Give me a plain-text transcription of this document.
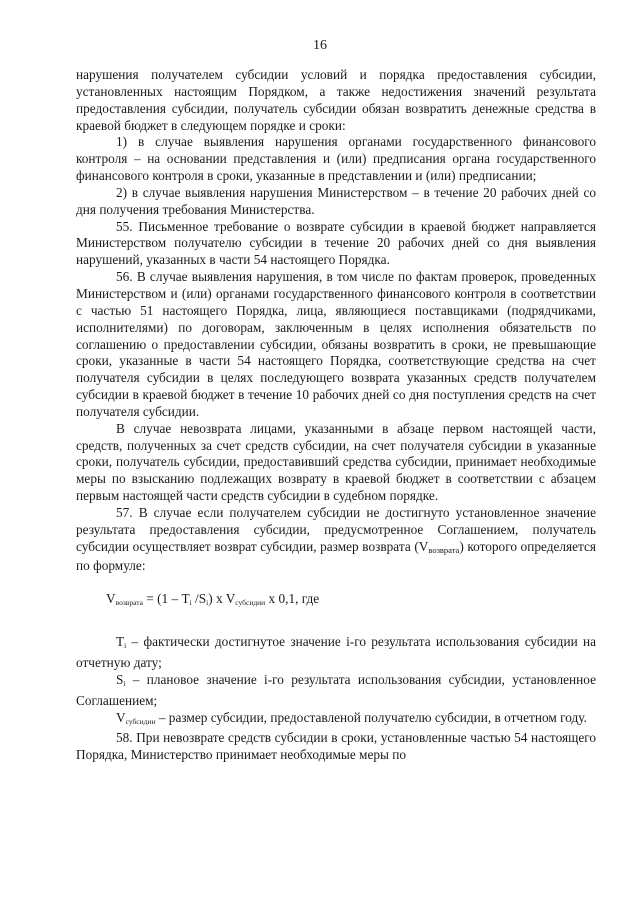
16

нарушения получателем субсидии условий и порядка предоставления субсидии, установленных настоящим Порядком, а также недостижения значений результата предоставления субсидии, получатель субсидии обязан возвратить денежные средства в краевой бюджет в следующем порядке и сроки:

1) в случае выявления нарушения органами государственного финансового контроля – на основании представления и (или) предписания органа государственного финансового контроля в сроки, указанные в представлении и (или) предписании;

2) в случае выявления нарушения Министерством – в течение 20 рабочих дней со дня получения требования Министерства.

55. Письменное требование о возврате субсидии в краевой бюджет направляется Министерством получателю субсидии в течение 20 рабочих дней со дня выявления нарушений, указанных в части 54 настоящего Порядка.

56. В случае выявления нарушения, в том числе по фактам проверок, проведенных Министерством и (или) органами государственного финансового контроля в соответствии с частью 51 настоящего Порядка, лица, являющиеся поставщиками (подрядчиками, исполнителями) по договорам, заключенным в целях исполнения обязательств по соглашению о предоставлении субсидии, обязаны возвратить в сроки, не превышающие сроки, указанные в части 54 настоящего Порядка, соответствующие средства на счет получателя субсидии в целях последующего возврата указанных средств получателем субсидии в краевой бюджет в течение 10 рабочих дней со дня поступления средств на счет получателя субсидии.

В случае невозврата лицами, указанными в абзаце первом настоящей части, средств, полученных за счет средств субсидии, на счет получателя субсидии в указанные сроки, получатель субсидии, предоставивший средства субсидии, принимает необходимые меры по взысканию подлежащих возврату в краевой бюджет в соответствии с абзацем первым настоящей части средств субсидии в судебном порядке.

57. В случае если получателем субсидии не достигнуто установленное значение результата предоставления субсидии, предусмотренное Соглашением, получатель субсидии осуществляет возврат субсидии, размер возврата $(V_{возврата})$ которого определяется по формуле:

Vвозврата = (1 – Ti /Si) x Vсубсидии x 0,1, где

Ti – фактически достигнутое значение i-го результата использования субсидии на отчетную дату;

Si – плановое значение i-го результата использования субсидии, установленное Соглашением;

Vсубсидии – размер субсидии, предоставленой получателю субсидии, в отчетном году.

58. При невозврате средств субсидии в сроки, установленные частью 54 настоящего Порядка, Министерство принимает необходимые меры по
